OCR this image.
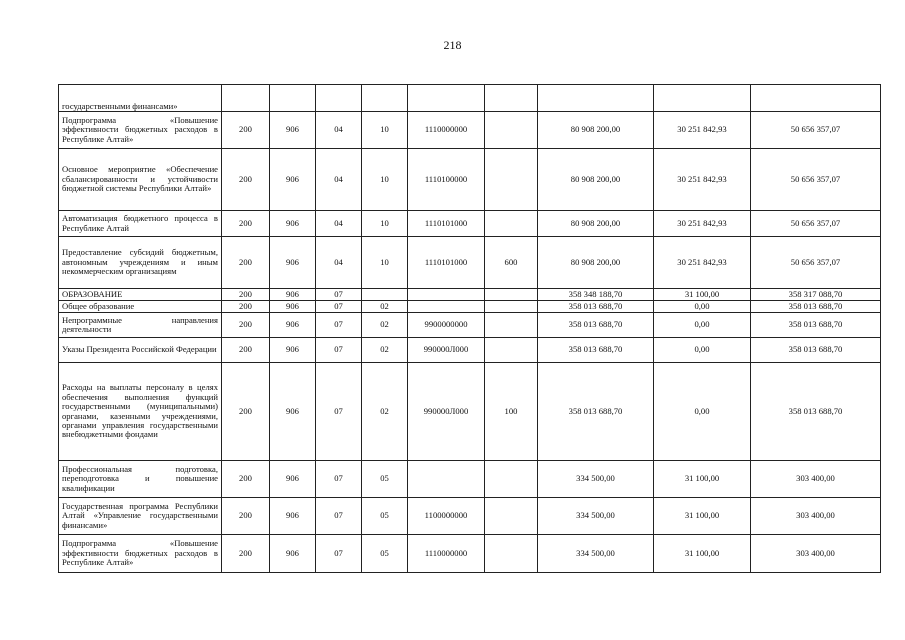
218
государственными финансами»									
Подпрограмма «Повышение эффективности бюджетных расходов в Республике Алтай»	200	906	04	10	1110000000		80 908 200,00	30 251 842,93	50 656 357,07
Основное мероприятие «Обеспечение сбалансированности и устойчивости бюджетной системы Республики Алтай»	200	906	04	10	1110100000		80 908 200,00	30 251 842,93	50 656 357,07
Автоматизация бюджетного процесса в Республике Алтай	200	906	04	10	1110101000		80 908 200,00	30 251 842,93	50 656 357,07
Предоставление субсидий бюджетным, автономным учреждениям и иным некоммерческим организациям	200	906	04	10	1110101000	600	80 908 200,00	30 251 842,93	50 656 357,07
ОБРАЗОВАНИЕ	200	906	07				358 348 188,70	31 100,00	358 317 088,70
Общее образование	200	906	07	02			358 013 688,70	0,00	358 013 688,70
Непрограммные направления деятельности	200	906	07	02	9900000000		358 013 688,70	0,00	358 013 688,70
Указы Президента Российской Федерации	200	906	07	02	990000Л000		358 013 688,70	0,00	358 013 688,70
Расходы на выплаты персоналу в целях обеспечения выполнения функций государственными (муниципальными) органами, казенными учреждениями, органами управления государственными внебюджетными фондами	200	906	07	02	990000Л000	100	358 013 688,70	0,00	358 013 688,70
Профессиональная подготовка, переподготовка и повышение квалификации	200	906	07	05			334 500,00	31 100,00	303 400,00
Государственная программа Республики Алтай «Управление государственными финансами»	200	906	07	05	1100000000		334 500,00	31 100,00	303 400,00
Подпрограмма «Повышение эффективности бюджетных расходов в Республике Алтай»	200	906	07	05	1110000000		334 500,00	31 100,00	303 400,00
